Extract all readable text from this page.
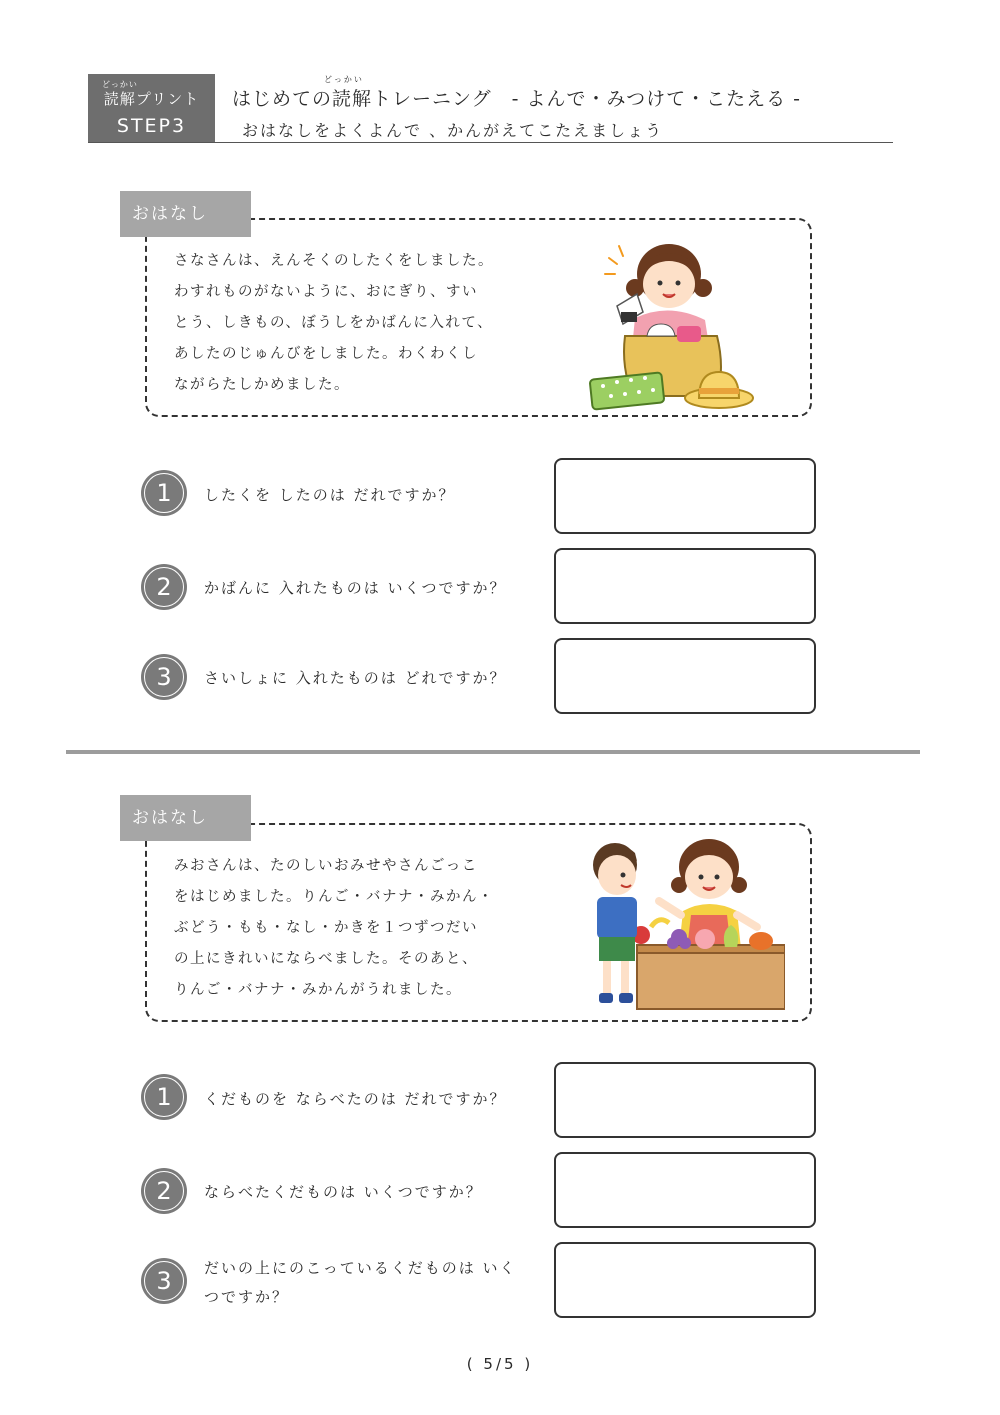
どっかい
読解プリント
STEP3
どっかい
はじめての読解トレーニング　- よんで・みつけて・こたえる -
おはなしをよくよんで 、かんがえてこたえましょう
おはなし
さなさんは、えんそくのしたくをしました。
わすれものがないように、おにぎり、すい
とう、しきもの、ぼうしをかばんに入れて、
あしたのじゅんびをしました。わくわくし
ながらたしかめました。
1	したくを したのは だれですか？
2	かばんに 入れたものは いくつですか？
3	さいしょに 入れたものは どれですか？
おはなし
みおさんは、たのしいおみせやさんごっこ
をはじめました。りんご・バナナ・みかん・
ぶどう・もも・なし・かきを１つずつだい
の上にきれいにならべました。そのあと、
りんご・バナナ・みかんがうれました。
1	くだものを ならべたのは だれですか？
2	ならべたくだものは いくつですか？
3	だいの上にのこっているくだものは いく
つですか？
( 5/5 )
